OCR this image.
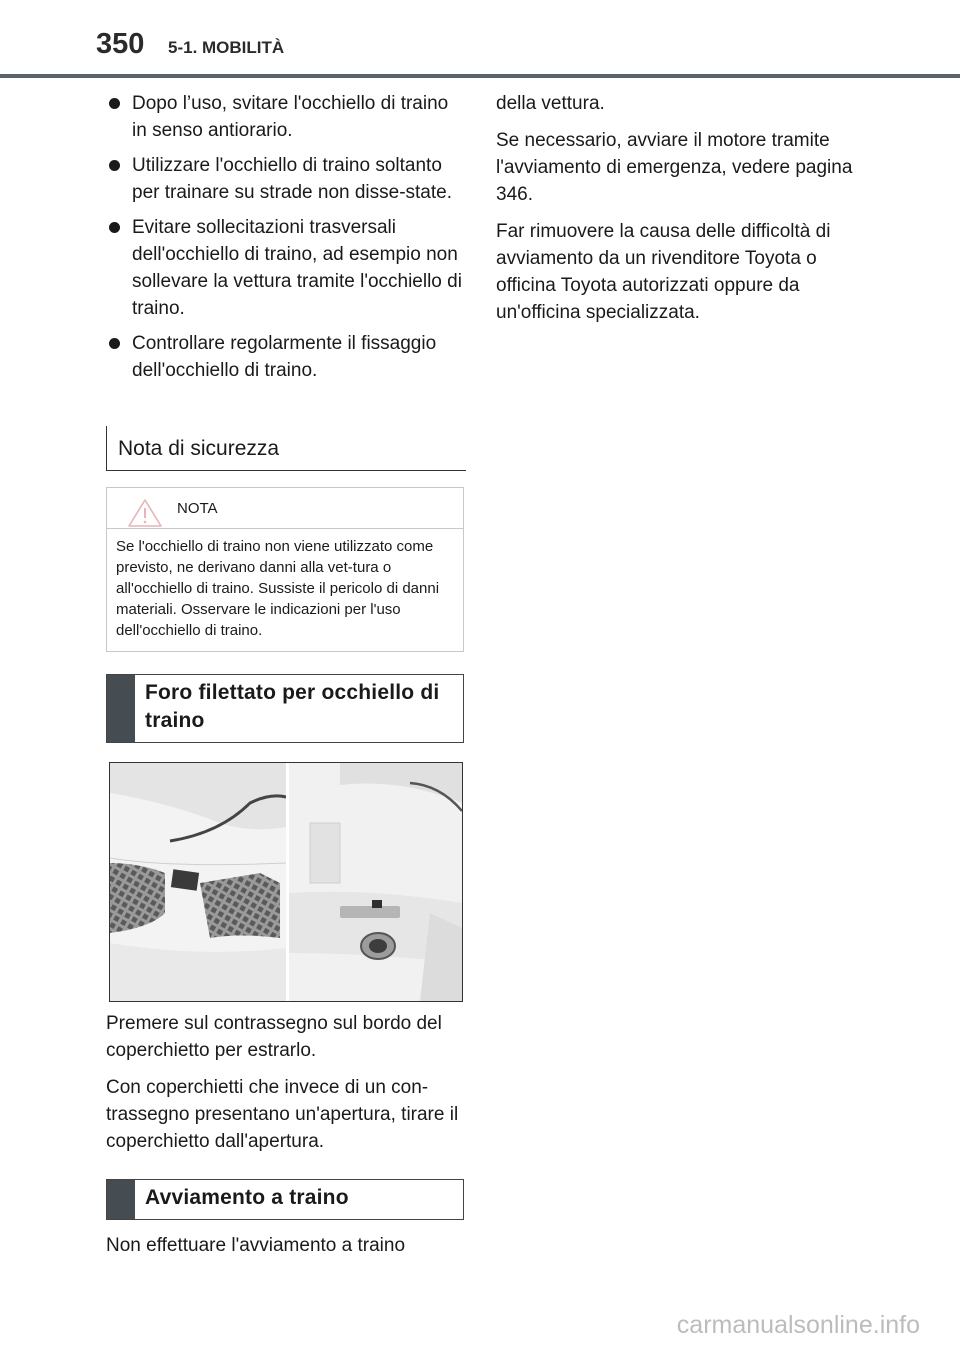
350 5-1. MOBILITÀ
Dopo l’uso, svitare l'occhiello di traino in senso antiorario.
Utilizzare l'occhiello di traino soltanto per trainare su strade non disse-state.
Evitare sollecitazioni trasversali dell'occhiello di traino, ad esempio non sollevare la vettura tramite l'occhiello di traino.
Controllare regolarmente il fissaggio dell'occhiello di traino.
Nota di sicurezza
NOTA
Se l'occhiello di traino non viene utilizzato come previsto, ne derivano danni alla vet-tura o all'occhiello di traino. Sussiste il pericolo di danni materiali. Osservare le indicazioni per l'uso dell'occhiello di traino.
Foro filettato per occhiello di traino

Premere sul contrassegno sul bordo del coperchietto per estrarlo.

Con coperchietti che invece di un con-trassegno presentano un'apertura, tirare il coperchietto dall'apertura.

Avviamento a traino

Non effettuare l'avviamento a traino

della vettura.

Se necessario, avviare il motore tramite l'avviamento di emergenza, vedere pagina 346.

Far rimuovere la causa delle difficoltà di avviamento da un rivenditore Toyota o officina Toyota autorizzati oppure da un'officina specializzata.

carmanualsonline.info
